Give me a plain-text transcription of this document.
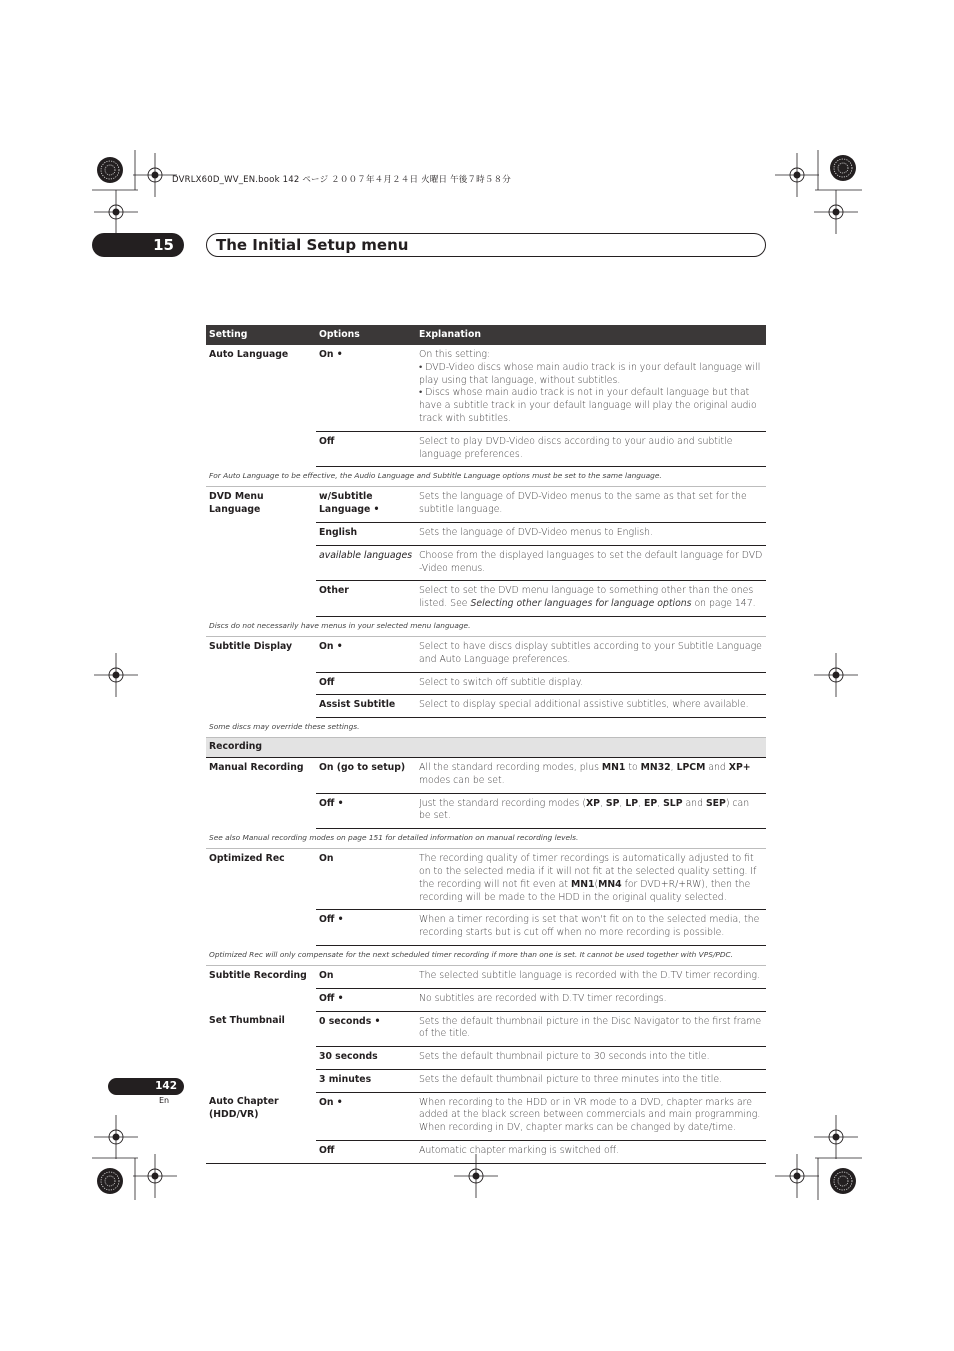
DVRLX60D_WV_EN.book 142 ページ ２００７年４月２４日 火曜日 午後７時５８分
15	The Initial Setup menu
Setting	Options	Explanation
Auto Language	On •	On this setting:
• DVD-Video discs whose main audio track is in your default language will play using that language, without subtitles.
• Discs whose main audio track is not in your default language but that have a subtitle track in your default language will play the original audio track with subtitles.

	Off	Select to play DVD-Video discs according to your audio and subtitle language preferences.
For Auto Language to be effective, the Audio Language and Subtitle Language options must be set to the same language.		
DVD Menu Language	w/Subtitle Language •	Sets the language of DVD-Video menus to the same as that set for the subtitle language.
	English	Sets the language of DVD-Video menus to English.
	available languages	Choose from the displayed languages to set the default language for DVD -Video menus.
	Other	Select to set the DVD menu language to something other than the ones listed. See Selecting other languages for language options on page 147.
Discs do not necessarily have menus in your selected menu language.		
Subtitle Display	On •	Select to have discs display subtitles according to your Subtitle Language and Auto Language preferences.
	Off	Select to switch off subtitle display.
	Assist Subtitle	Select to display special additional assistive subtitles, where available.
Some discs may override these settings.		
Recording		
Manual Recording	On (go to setup)	All the standard recording modes, plus MN1 to MN32, LPCM and XP+ modes can be set.
	Off •	Just the standard recording modes (XP, SP, LP, EP, SLP and SEP) can be set.
See also Manual recording modes on page 151 for detailed information on manual recording levels.		
Optimized Rec	On	The recording quality of timer recordings is automatically adjusted to fit on to the selected media if it will not fit at the selected quality setting. If the recording will not fit even at MN1(MN4 for DVD+R/+RW), then the recording will be made to the HDD in the original quality selected.
	Off •	When a timer recording is set that won't fit on to the selected media, the recording starts but is cut off when no more recording is possible.
Optimized Rec will only compensate for the next scheduled timer recording if more than one is set. It cannot be used together with VPS/PDC.		
Subtitle Recording	On	The selected subtitle language is recorded with the D.TV timer recording.
	Off •	No subtitles are recorded with D.TV timer recordings.
Set Thumbnail	0 seconds •	Sets the default thumbnail picture in the Disc Navigator to the first frame of the title.
	30 seconds	Sets the default thumbnail picture to 30 seconds into the title.
	3 minutes	Sets the default thumbnail picture to three minutes into the title.
Auto Chapter (HDD/VR)	On •	When recording to the HDD or in VR mode to a DVD, chapter marks are added at the black screen between commercials and main programming. When recording in DV, chapter marks can be changed by date/time.
	Off	Automatic chapter marking is switched off.
142
En
